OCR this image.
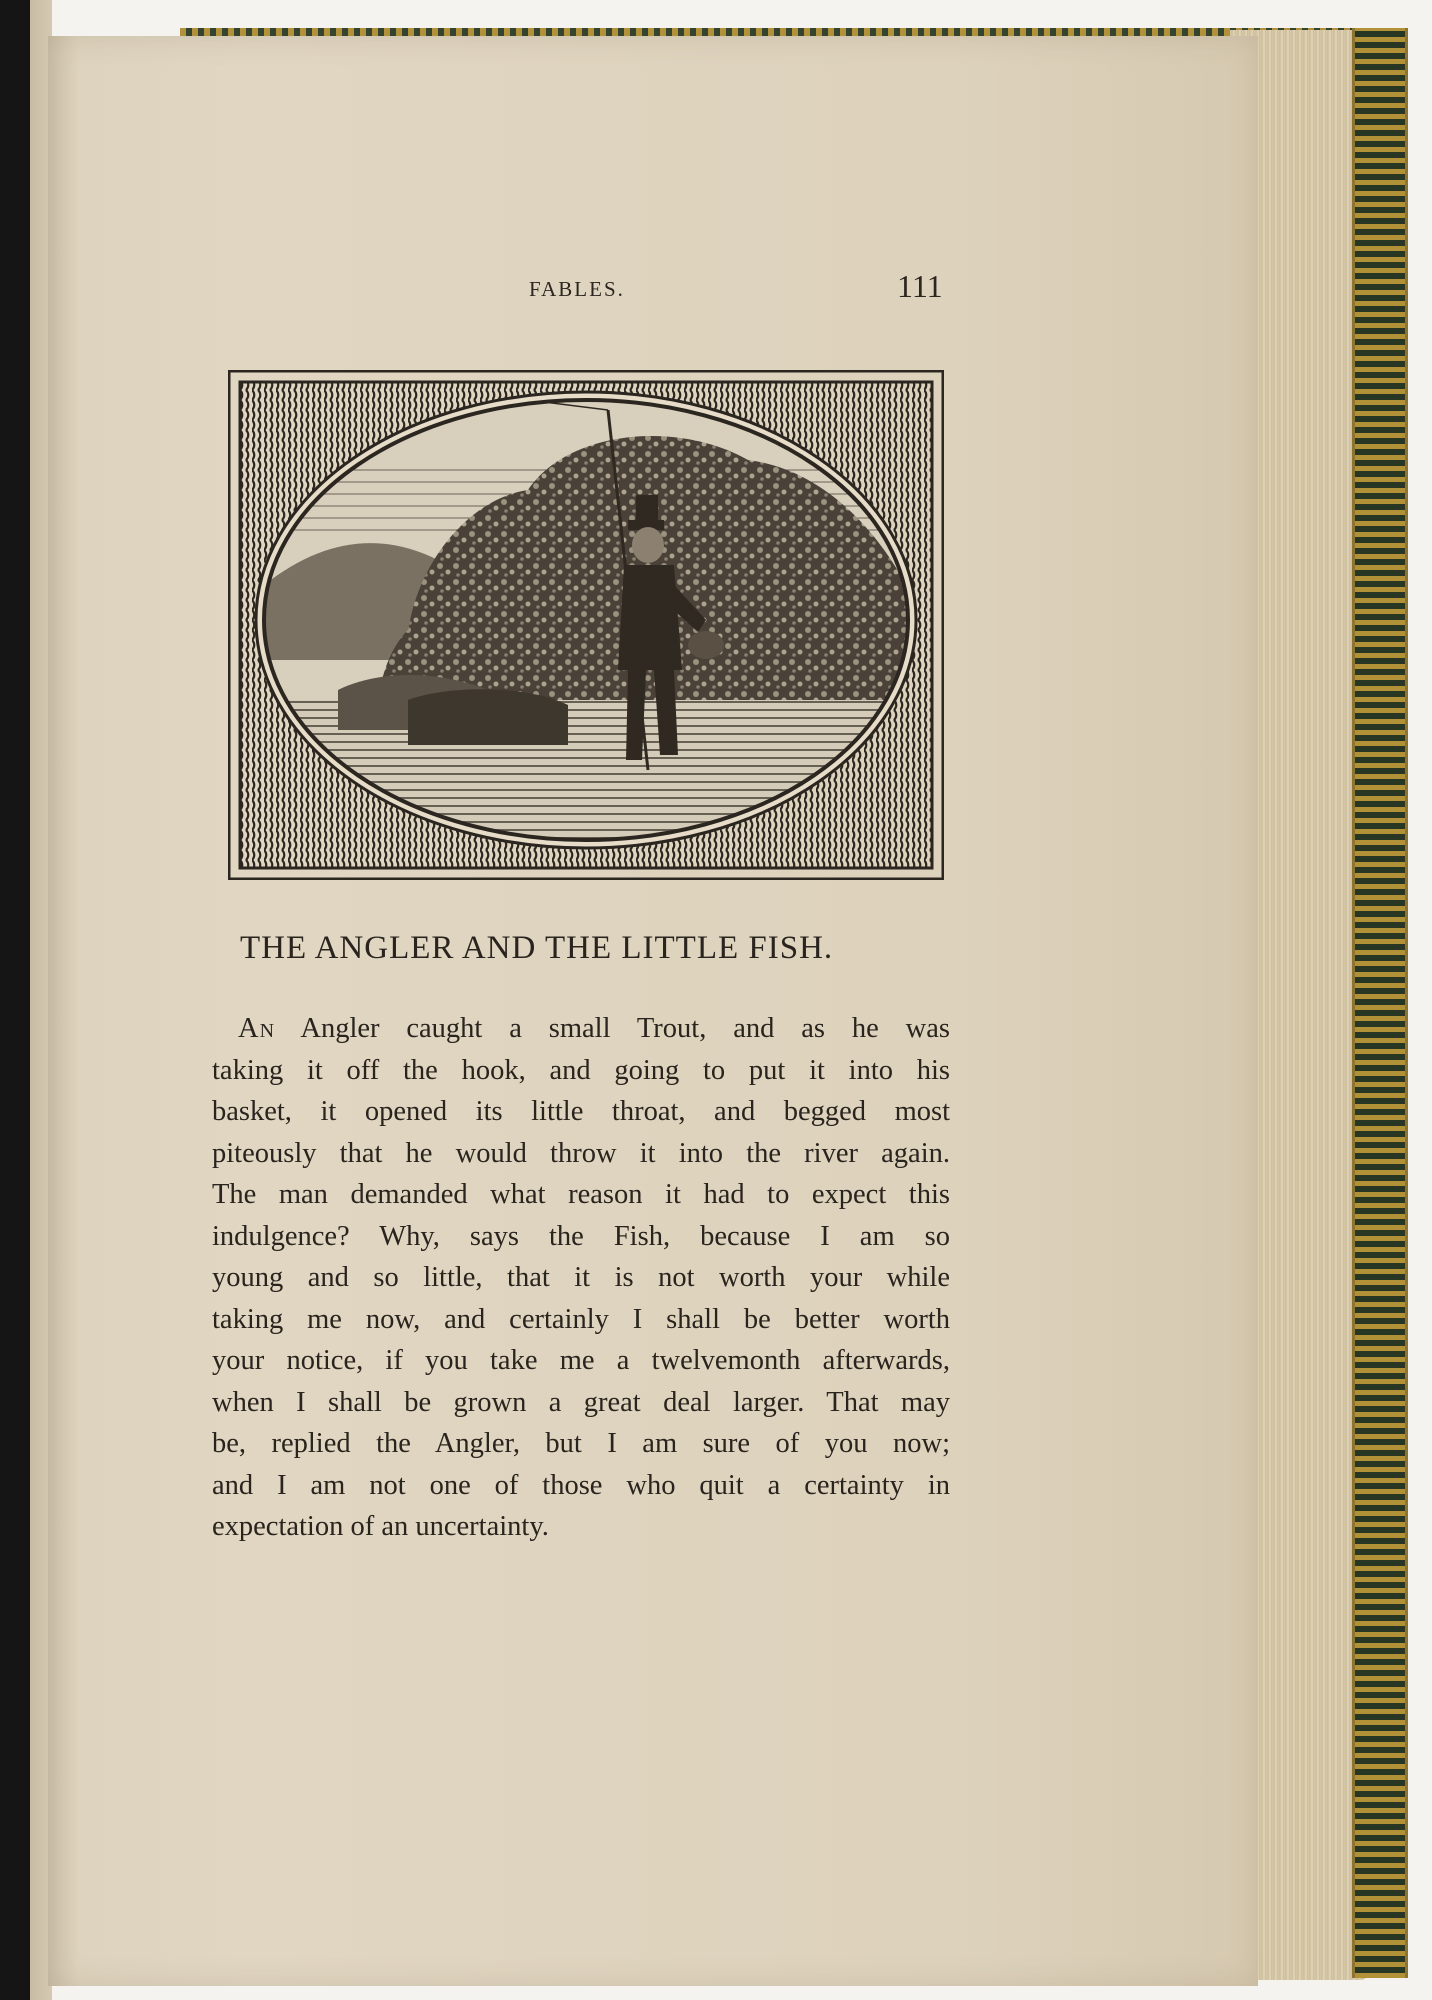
FABLES.	111
THE ANGLER AND THE LITTLE FISH.
An Angler caught a small Trout, and as he was
taking it off the hook, and going to put it into his
basket, it opened its little throat, and begged most
piteously that he would throw it into the river again.
The man demanded what reason it had to expect this
indulgence? Why, says the Fish, because I am so
young and so little, that it is not worth your while
taking me now, and certainly I shall be better worth
your notice, if you take me a twelvemonth afterwards,
when I shall be grown a great deal larger. That may
be, replied the Angler, but I am sure of you now;
and I am not one of those who quit a certainty in
expectation of an uncertainty.
